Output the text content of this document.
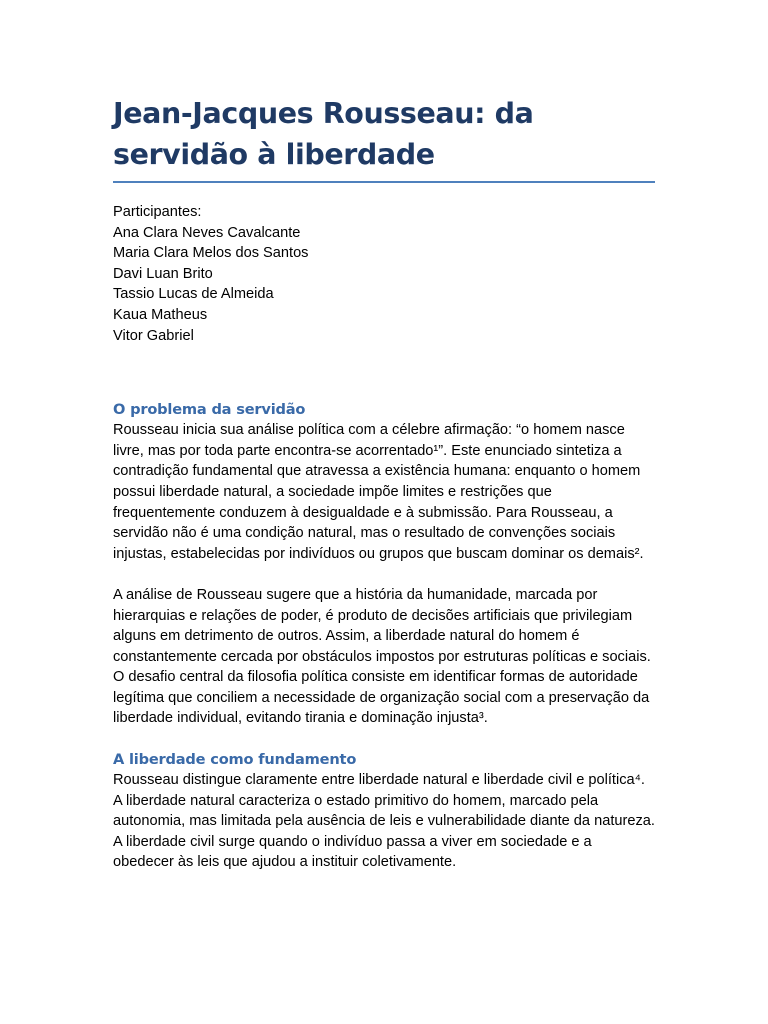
Jean-Jacques Rousseau: da servidão à liberdade
Participantes:
Ana Clara Neves Cavalcante
Maria Clara Melos dos Santos
Davi Luan Brito
Tassio Lucas de Almeida
Kaua Matheus
Vitor Gabriel
O problema da servidão

Rousseau inicia sua análise política com a célebre afirmação: “o homem nasce livre, mas por toda parte encontra-se acorrentado¹”. Este enunciado sintetiza a contradição fundamental que atravessa a existência humana: enquanto o homem possui liberdade natural, a sociedade impõe limites e restrições que frequentemente conduzem à desigualdade e à submissão. Para Rousseau, a servidão não é uma condição natural, mas o resultado de convenções sociais injustas, estabelecidas por indivíduos ou grupos que buscam dominar os demais².

A análise de Rousseau sugere que a história da humanidade, marcada por hierarquias e relações de poder, é produto de decisões artificiais que privilegiam alguns em detrimento de outros. Assim, a liberdade natural do homem é constantemente cercada por obstáculos impostos por estruturas políticas e sociais. O desafio central da filosofia política consiste em identificar formas de autoridade legítima que conciliem a necessidade de organização social com a preservação da liberdade individual, evitando tirania e dominação injusta³.

A liberdade como fundamento

Rousseau distingue claramente entre liberdade natural e liberdade civil e política⁴. A liberdade natural caracteriza o estado primitivo do homem, marcado pela autonomia, mas limitada pela ausência de leis e vulnerabilidade diante da natureza. A liberdade civil surge quando o indivíduo passa a viver em sociedade e a obedecer às leis que ajudou a instituir coletivamente.
